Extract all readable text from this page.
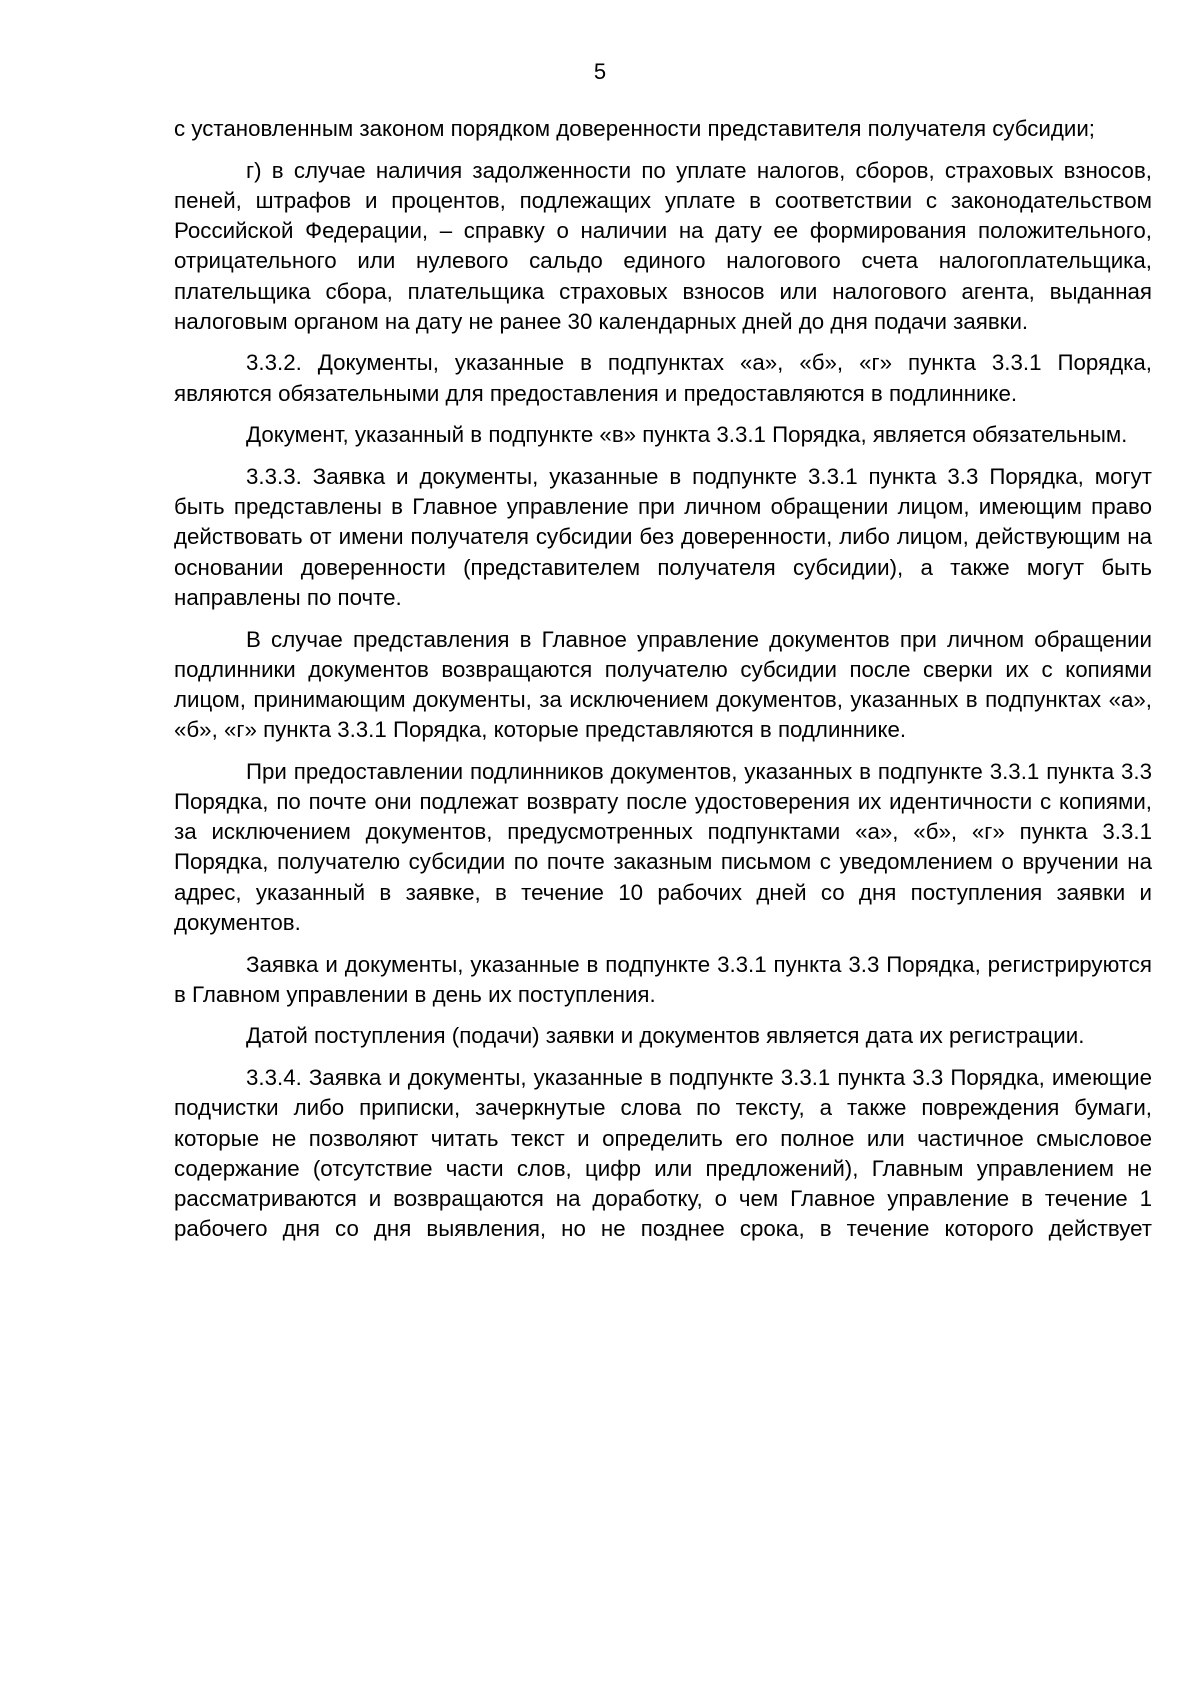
5

с установленным законом порядком доверенности представителя получателя субсидии;

г) в случае наличия задолженности по уплате налогов, сборов, страховых взносов, пеней, штрафов и процентов, подлежащих уплате в соответствии с законодательством Российской Федерации, – справку о наличии на дату ее формирования положительного, отрицательного или нулевого сальдо единого налогового счета налогоплательщика, плательщика сбора, плательщика страховых взносов или налогового агента, выданная налоговым органом на дату не ранее 30 календарных дней до дня подачи заявки.

3.3.2. Документы, указанные в подпунктах «а», «б», «г» пункта 3.3.1 Порядка, являются обязательными для предоставления и предоставляются в подлиннике.

Документ, указанный в подпункте «в» пункта 3.3.1 Порядка, является обязательным.

3.3.3. Заявка и документы, указанные в подпункте 3.3.1 пункта 3.3 Порядка, могут быть представлены в Главное управление при личном обращении лицом, имеющим право действовать от имени получателя субсидии без доверенности, либо лицом, действующим на основании доверенности (представителем получателя субсидии), а также могут быть направлены по почте.

В случае представления в Главное управление документов при личном обращении подлинники документов возвращаются получателю субсидии после сверки их с копиями лицом, принимающим документы, за исключением документов, указанных в подпунктах «а», «б», «г» пункта 3.3.1 Порядка, которые представляются в подлиннике.

При предоставлении подлинников документов, указанных в подпункте 3.3.1 пункта 3.3 Порядка, по почте они подлежат возврату после удостоверения их идентичности с копиями, за исключением документов, предусмотренных подпунктами «а», «б», «г» пункта 3.3.1 Порядка, получателю субсидии по почте заказным письмом с уведомлением о вручении на адрес, указанный в заявке, в течение 10 рабочих дней со дня поступления заявки и документов.

Заявка и документы, указанные в подпункте 3.3.1 пункта 3.3 Порядка, регистрируются в Главном управлении в день их поступления.

Датой поступления (подачи) заявки и документов является дата их регистрации.

3.3.4. Заявка и документы, указанные в подпункте 3.3.1 пункта 3.3 Порядка, имеющие подчистки либо приписки, зачеркнутые слова по тексту, а также повреждения бумаги, которые не позволяют читать текст и определить его полное или частичное смысловое содержание (отсутствие части слов, цифр или предложений), Главным управлением не рассматриваются и возвращаются на доработку, о чем Главное управление в течение 1 рабочего дня со дня выявления, но не позднее срока, в течение которого действует
